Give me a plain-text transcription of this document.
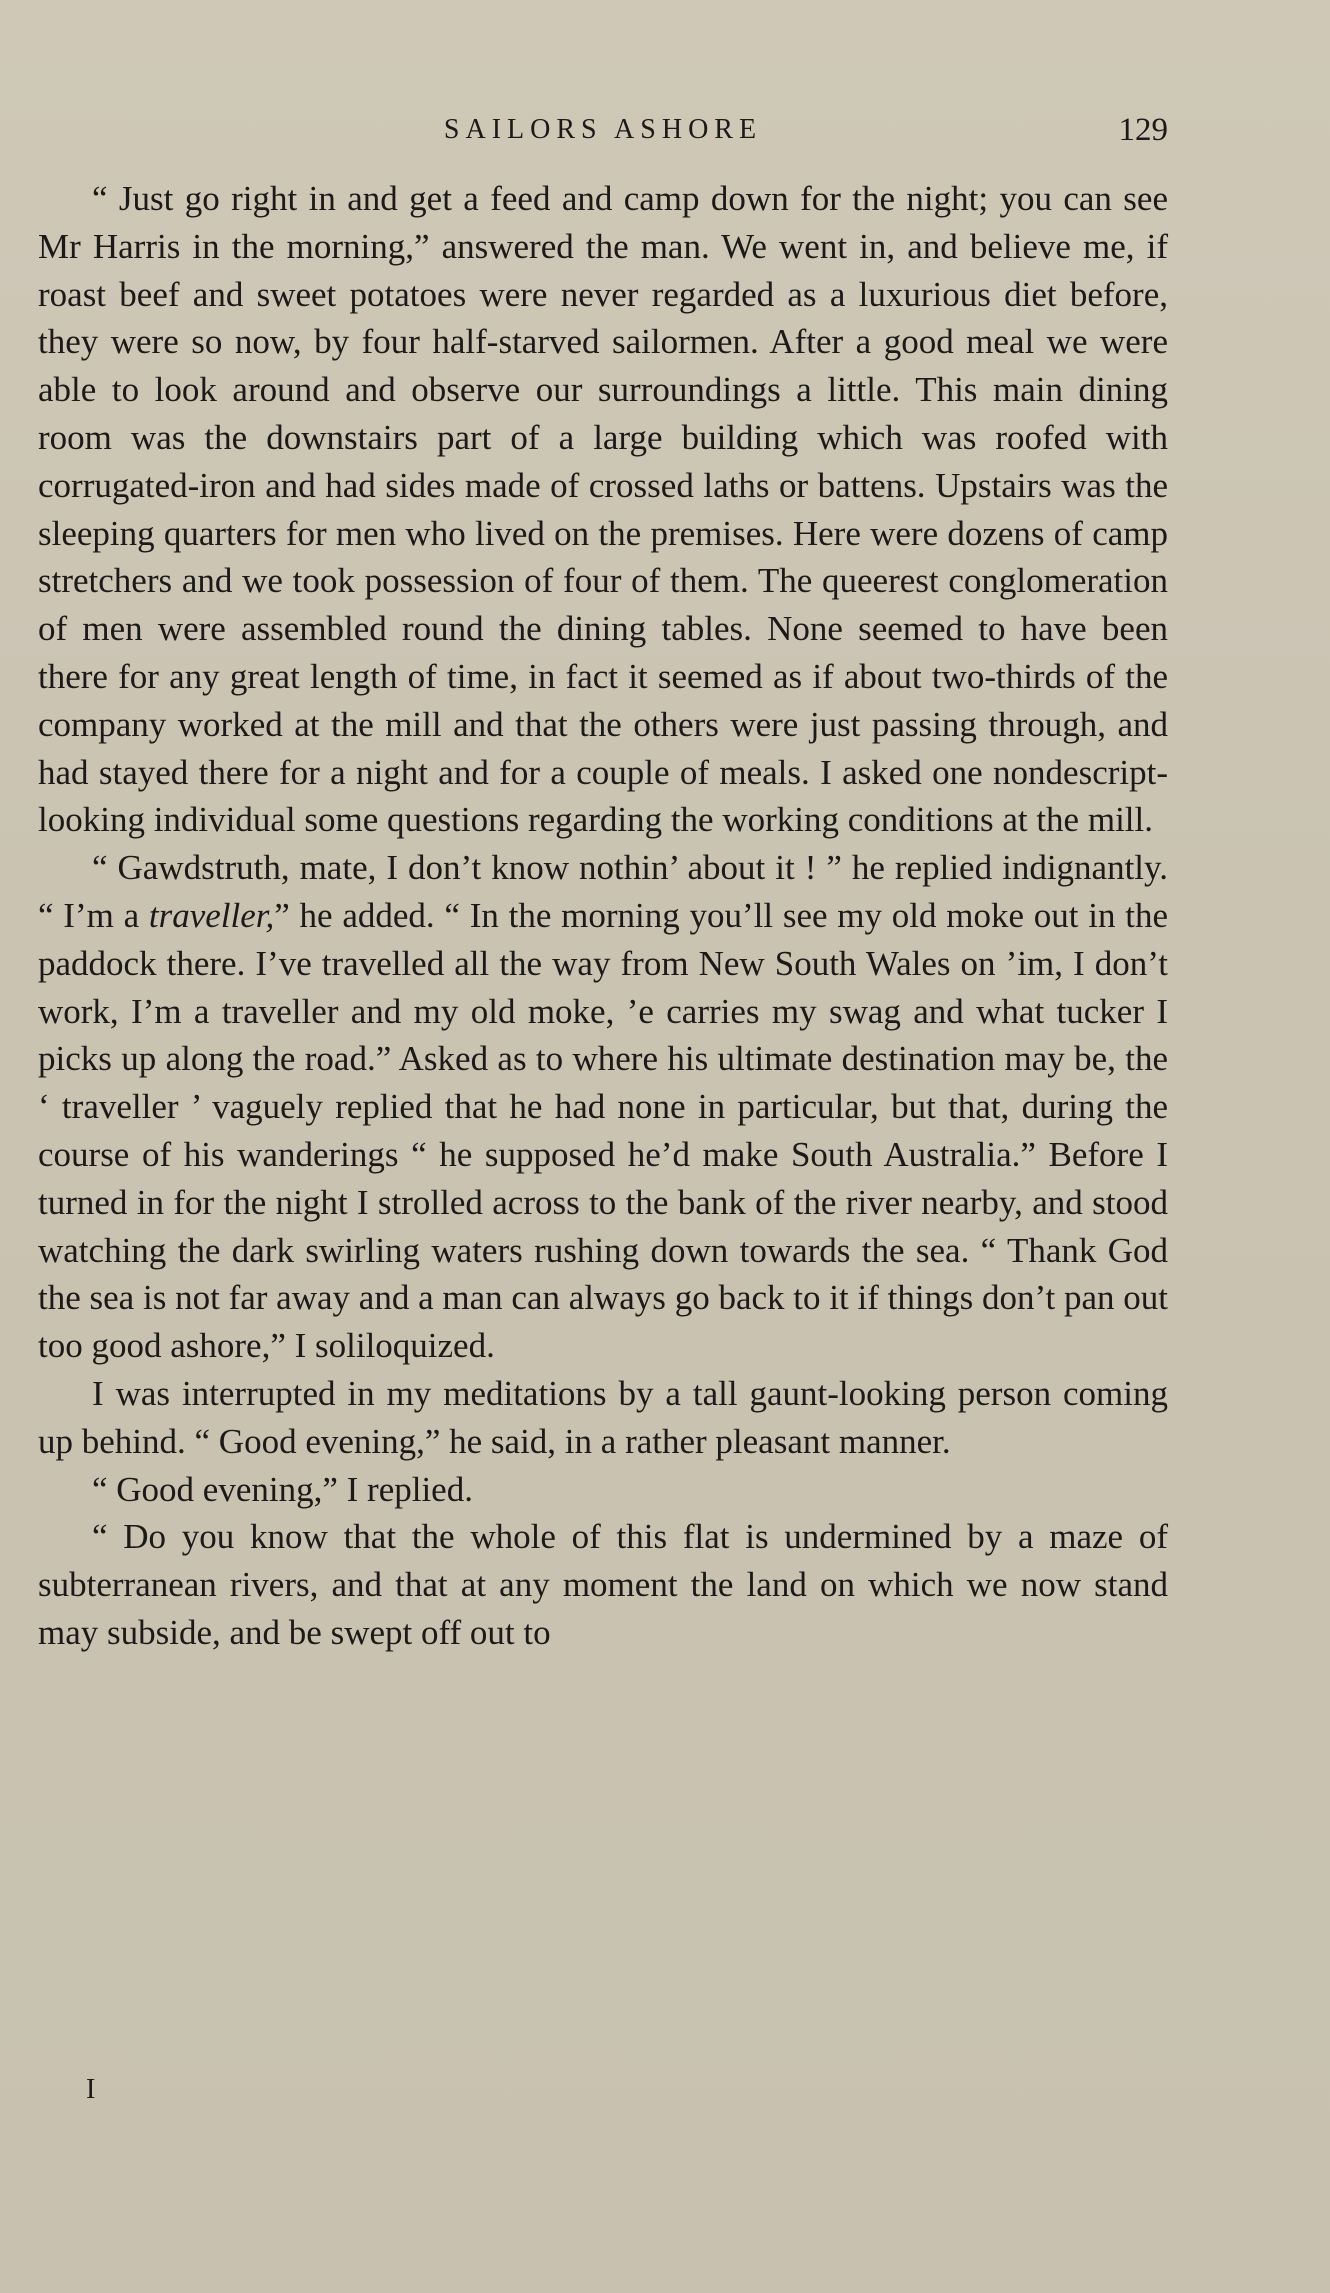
SAILORS ASHORE	129

“ Just go right in and get a feed and camp down for the night; you can see Mr Harris in the morning,” answered the man. We went in, and believe me, if roast beef and sweet potatoes were never regarded as a luxurious diet before, they were so now, by four half-starved sailormen. After a good meal we were able to look around and observe our surroundings a little. This main dining room was the downstairs part of a large building which was roofed with corrugated-iron and had sides made of crossed laths or battens. Upstairs was the sleeping quarters for men who lived on the premises. Here were dozens of camp stretchers and we took possession of four of them. The queerest conglomeration of men were assembled round the dining tables. None seemed to have been there for any great length of time, in fact it seemed as if about two-thirds of the company worked at the mill and that the others were just passing through, and had stayed there for a night and for a couple of meals. I asked one nondescript-looking individual some questions regarding the working conditions at the mill.

“ Gawdstruth, mate, I don’t know nothin’ about it ! ” he replied indignantly. “ I’m a traveller,” he added. “ In the morning you’ll see my old moke out in the paddock there. I’ve travelled all the way from New South Wales on ’im, I don’t work, I’m a traveller and my old moke, ’e carries my swag and what tucker I picks up along the road.” Asked as to where his ultimate destination may be, the ‘ traveller ’ vaguely replied that he had none in particular, but that, during the course of his wanderings “ he supposed he’d make South Australia.” Before I turned in for the night I strolled across to the bank of the river nearby, and stood watching the dark swirling waters rushing down towards the sea. “ Thank God the sea is not far away and a man can always go back to it if things don’t pan out too good ashore,” I soliloquized.

I was interrupted in my meditations by a tall gaunt-looking person coming up behind. “ Good evening,” he said, in a rather pleasant manner.

“ Good evening,” I replied.

“ Do you know that the whole of this flat is undermined by a maze of subterranean rivers, and that at any moment the land on which we now stand may subside, and be swept off out to

I
